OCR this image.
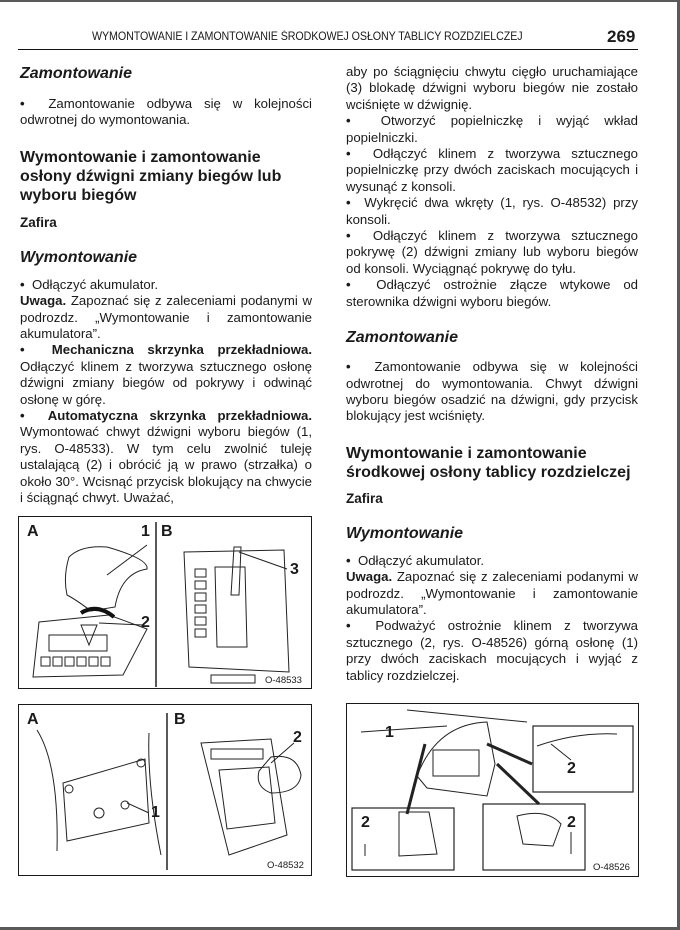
WYMONTOWANIE I ZAMONTOWANIE ŚRODKOWEJ OSŁONY TABLICY ROZDZIELCZEJ	269

Zamontowanie

•  Zamontowanie odbywa się w kolejności odwrotnej do wymontowania.

Wymontowanie i zamontowanie osłony dźwigni zmiany biegów lub wyboru biegów

Zafira

Wymontowanie

•  Odłączyć akumulator.

Uwaga. Zapoznać się z zaleceniami podanymi w podrozdz. „Wymontowanie i zamontowanie akumulatora”.

•  Mechaniczna skrzynka przekładniowa. Odłączyć klinem z tworzywa sztucznego osłonę dźwigni zmiany biegów od pokrywy i odwinąć osłonę w górę.

•  Automatyczna skrzynka przekładniowa. Wymontować chwyt dźwigni wyboru biegów (1, rys. O-48533). W tym celu zwolnić tuleję ustalającą (2) i obrócić ją w prawo (strzałka) o około 30°. Wcisnąć przycisk blokujący na chwycie i ściągnąć chwyt. Uważać,

aby po ściągnięciu chwytu cięgło uruchamiające (3) blokadę dźwigni wyboru biegów nie zostało wciśnięte w dźwignię.

•  Otworzyć popielniczkę i wyjąć wkład popielniczki.

•  Odłączyć klinem z tworzywa sztucznego popielniczkę przy dwóch zaciskach mocujących i wysunąć z konsoli.

•  Wykręcić dwa wkręty (1, rys. O-48532) przy konsoli.

•  Odłączyć klinem z tworzywa sztucznego pokrywę (2) dźwigni zmiany lub wyboru biegów od konsoli. Wyciągnąć pokrywę do tyłu.

•  Odłączyć ostrożnie złącze wtykowe od sterownika dźwigni wyboru biegów.

Zamontowanie

•  Zamontowanie odbywa się w kolejności odwrotnej do wymontowania. Chwyt dźwigni wyboru biegów osadzić na dźwigni, gdy przycisk blokujący jest wciśnięty.

Wymontowanie i zamontowanie środkowej osłony tablicy rozdzielczej

Zafira

Wymontowanie

•  Odłączyć akumulator.

Uwaga. Zapoznać się z zaleceniami podanymi w podrozdz. „Wymontowanie i zamontowanie akumulatora”.

•  Podważyć ostrożnie klinem z tworzywa sztucznego (2, rys. O-48526) górną osłonę (1) przy dwóch zaciskach mocujących i wyjąć z tablicy rozdzielczej.

A	B
1
2
3
O-48533
A	B
1
2
O-48532
1
2
2	2
O-48526
